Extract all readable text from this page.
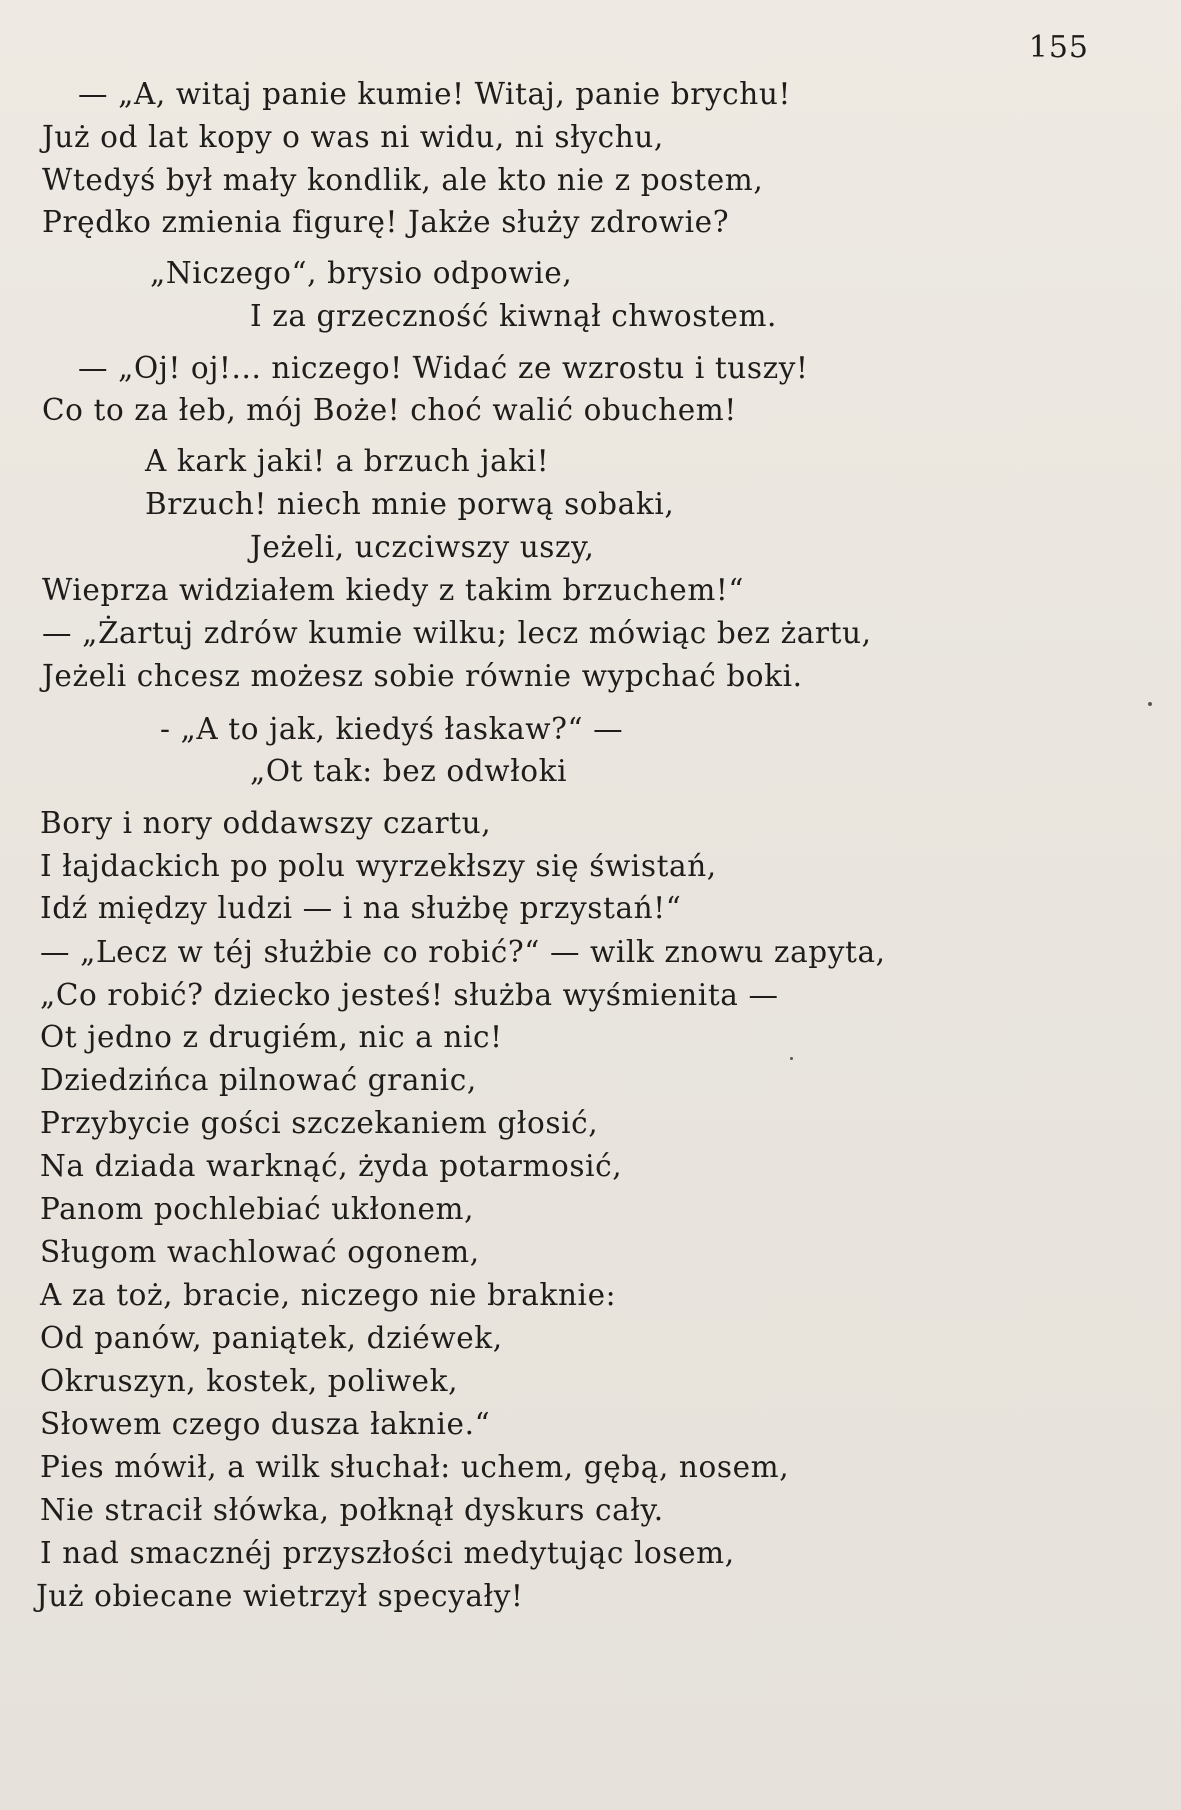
155
— „A, witaj panie kumie! Witaj, panie brychu!
Już od lat kopy o was ni widu, ni słychu,
Wtedyś był mały kondlik, ale kto nie z postem,
Prędko zmienia figurę! Jakże służy zdrowie?
„Niczego“, brysio odpowie,
I za grzeczność kiwnął chwostem.
— „Oj! oj!... niczego! Widać ze wzrostu i tuszy!
Co to za łeb, mój Boże! choć walić obuchem!
A kark jaki! a brzuch jaki!
Brzuch! niech mnie porwą sobaki,
Jeżeli, uczciwszy uszy,
Wieprza widziałem kiedy z takim brzuchem!“
— „Żartuj zdrów kumie wilku; lecz mówiąc bez żartu,
Jeżeli chcesz możesz sobie równie wypchać boki.
- „A to jak, kiedyś łaskaw?“ —
„Ot tak: bez odwłoki
Bory i nory oddawszy czartu,
I łajdackich po polu wyrzekłszy się świstań,
Idź między ludzi — i na służbę przystań!“
— „Lecz w téj służbie co robić?“ — wilk znowu zapyta,
„Co robić? dziecko jesteś! służba wyśmienita —
Ot jedno z drugiém, nic a nic!
Dziedzińca pilnować granic,
Przybycie gości szczekaniem głosić,
Na dziada warknąć, żyda potarmosić,
Panom pochlebiać ukłonem,
Sługom wachlować ogonem,
A za toż, bracie, niczego nie braknie:
Od panów, paniątek, dziéwek,
Okruszyn, kostek, poliwek,
Słowem czego dusza łaknie.“
Pies mówił, a wilk słuchał: uchem, gębą, nosem,
Nie stracił słówka, połknął dyskurs cały.
I nad smacznéj przyszłości medytując losem,
Już obiecane wietrzył specyały!
